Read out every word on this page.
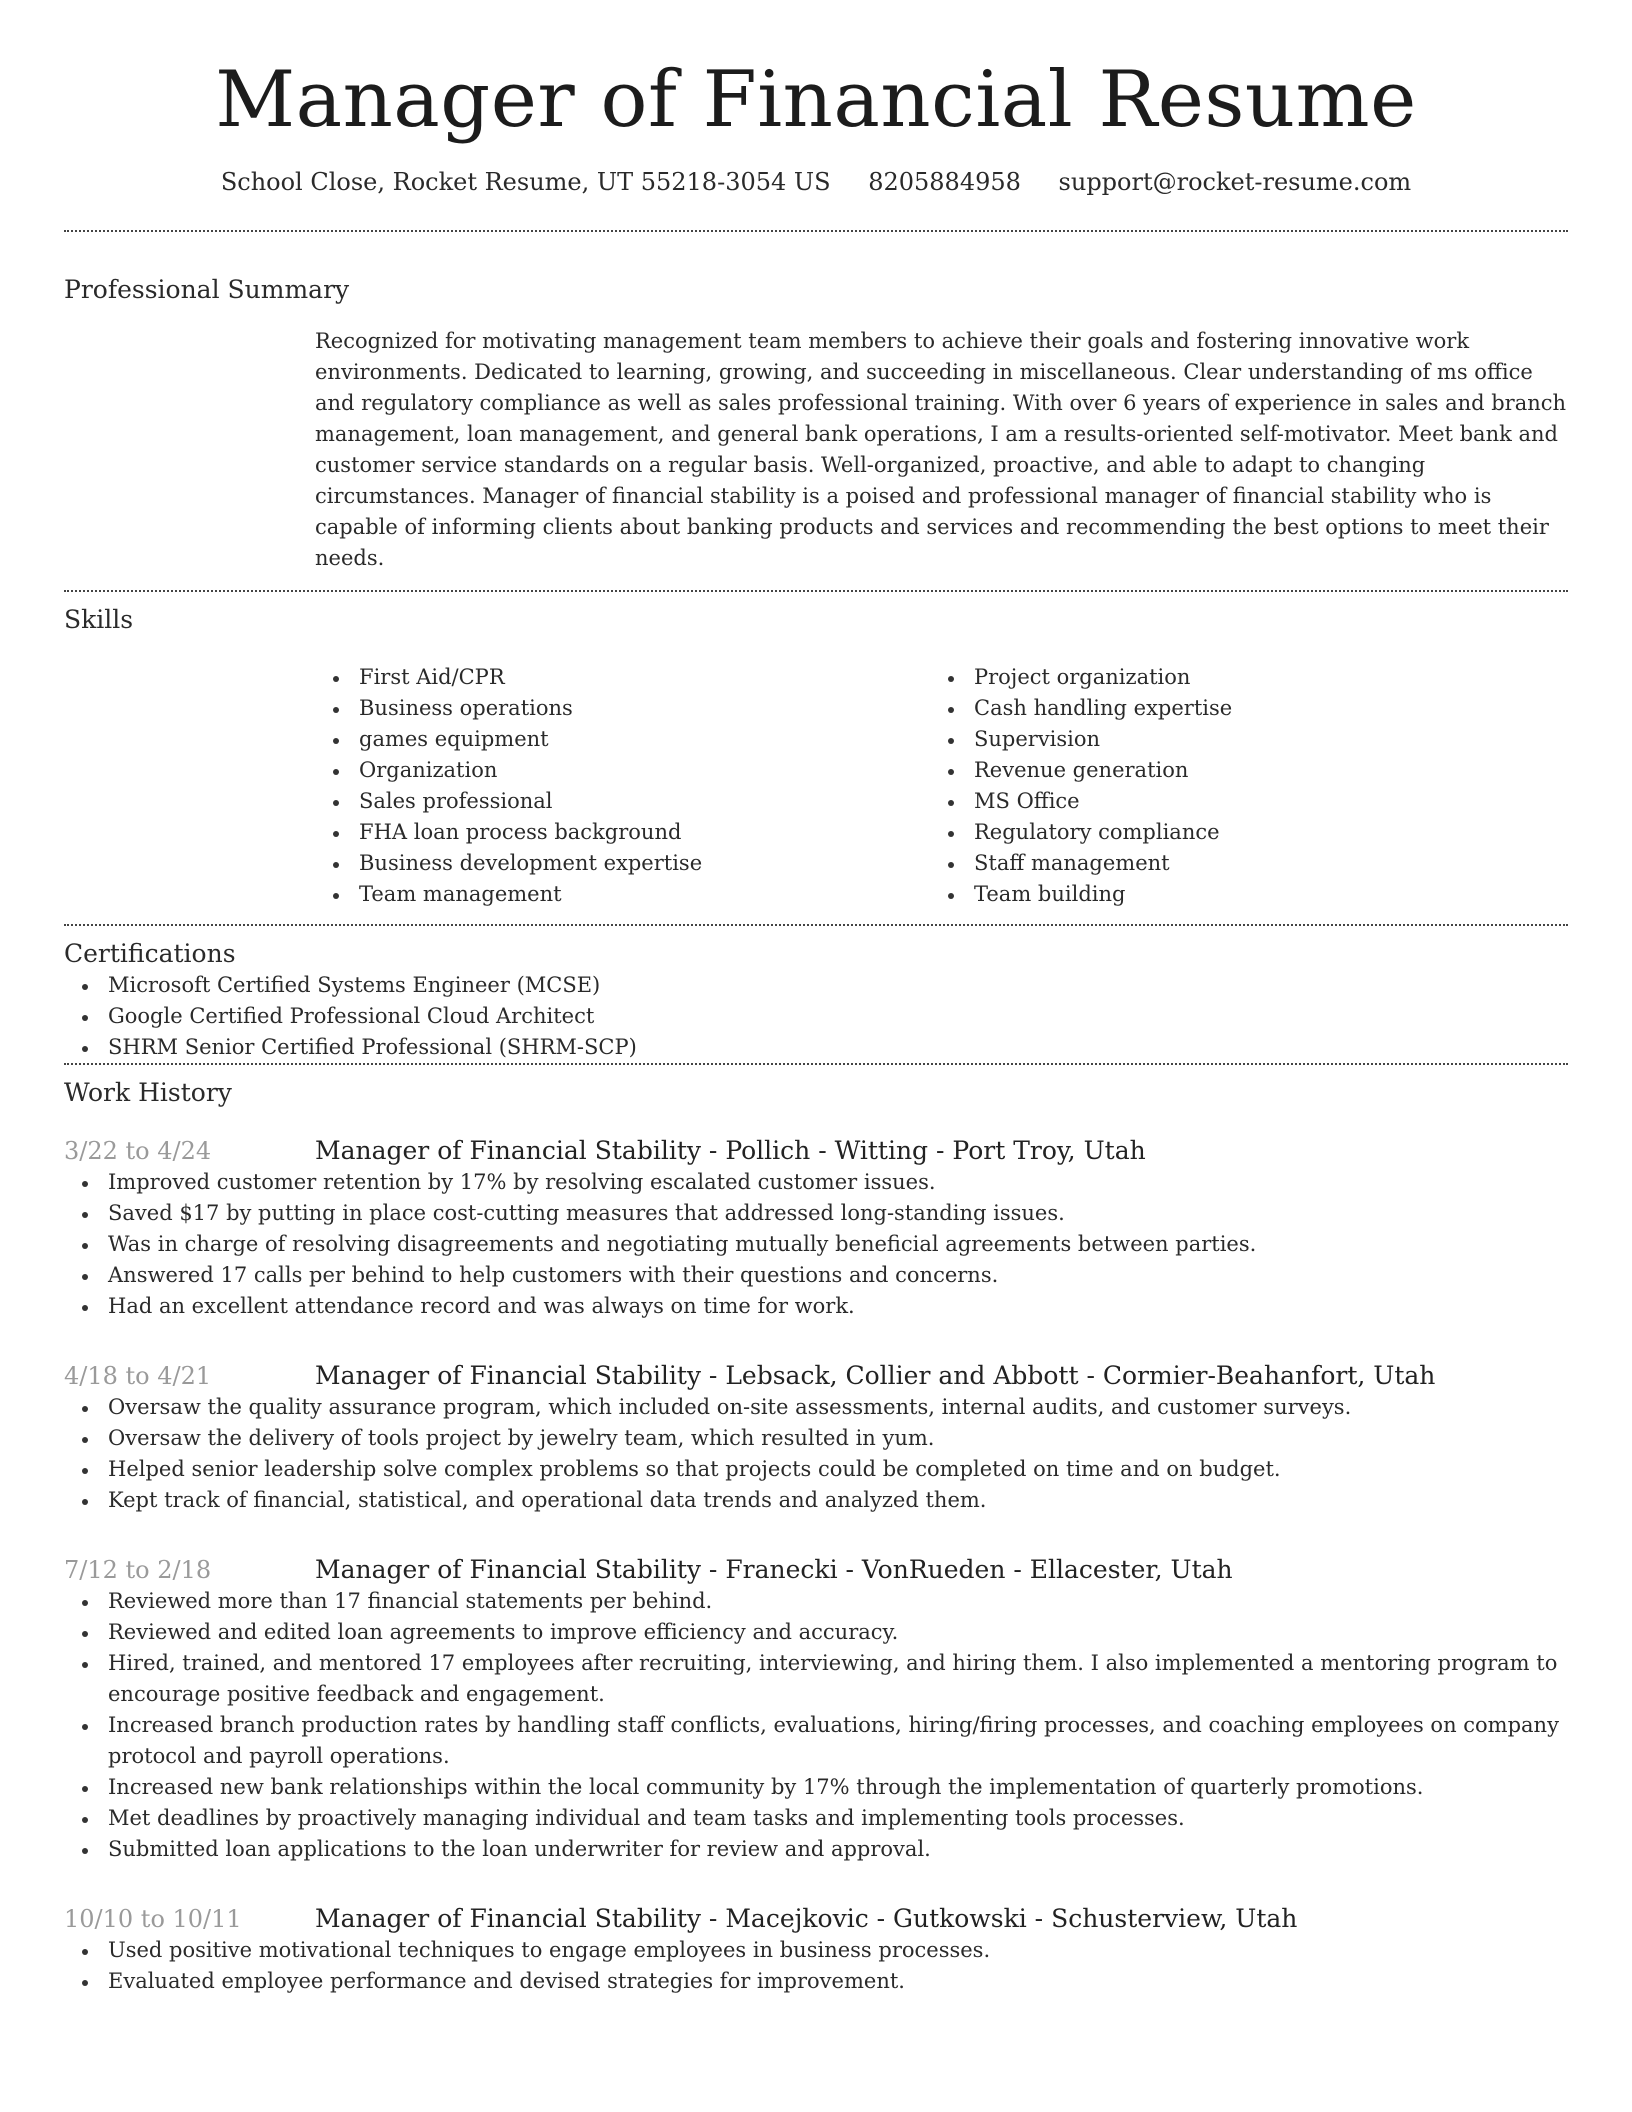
Manager of Financial Resume
School Close, Rocket Resume, UT 55218-3054 US 8205884958 support@rocket-resume.com
Professional Summary
Recognized for motivating management team members to achieve their goals and fostering innovative work environments. Dedicated to learning, growing, and succeeding in miscellaneous. Clear understanding of ms office and regulatory compliance as well as sales professional training. With over 6 years of experience in sales and branch management, loan management, and general bank operations, I am a results-oriented self-motivator. Meet bank and customer service standards on a regular basis. Well-organized, proactive, and able to adapt to changing circumstances. Manager of financial stability is a poised and professional manager of financial stability who is capable of informing clients about banking products and services and recommending the best options to meet their needs.
Skills
First Aid/CPR
Business operations
games equipment
Organization
Sales professional
FHA loan process background
Business development expertise
Team management
Project organization
Cash handling expertise
Supervision
Revenue generation
MS Office
Regulatory compliance
Staff management
Team building
Certifications
Microsoft Certified Systems Engineer (MCSE)
Google Certified Professional Cloud Architect
SHRM Senior Certified Professional (SHRM-SCP)
Work History
3/22 to 4/24	Manager of Financial Stability - Pollich - Witting - Port Troy, Utah
Improved customer retention by 17% by resolving escalated customer issues.
Saved $17 by putting in place cost-cutting measures that addressed long-standing issues.
Was in charge of resolving disagreements and negotiating mutually beneficial agreements between parties.
Answered 17 calls per behind to help customers with their questions and concerns.
Had an excellent attendance record and was always on time for work.
4/18 to 4/21	Manager of Financial Stability - Lebsack, Collier and Abbott - Cormier-Beahanfort, Utah
Oversaw the quality assurance program, which included on-site assessments, internal audits, and customer surveys.
Oversaw the delivery of tools project by jewelry team, which resulted in yum.
Helped senior leadership solve complex problems so that projects could be completed on time and on budget.
Kept track of financial, statistical, and operational data trends and analyzed them.
7/12 to 2/18	Manager of Financial Stability - Franecki - VonRueden - Ellacester, Utah
Reviewed more than 17 financial statements per behind.
Reviewed and edited loan agreements to improve efficiency and accuracy.
Hired, trained, and mentored 17 employees after recruiting, interviewing, and hiring them. I also implemented a mentoring program to encourage positive feedback and engagement.
Increased branch production rates by handling staff conflicts, evaluations, hiring/firing processes, and coaching employees on company protocol and payroll operations.
Increased new bank relationships within the local community by 17% through the implementation of quarterly promotions.
Met deadlines by proactively managing individual and team tasks and implementing tools processes.
Submitted loan applications to the loan underwriter for review and approval.
10/10 to 10/11	Manager of Financial Stability - Macejkovic - Gutkowski - Schusterview, Utah
Used positive motivational techniques to engage employees in business processes.
Evaluated employee performance and devised strategies for improvement.
